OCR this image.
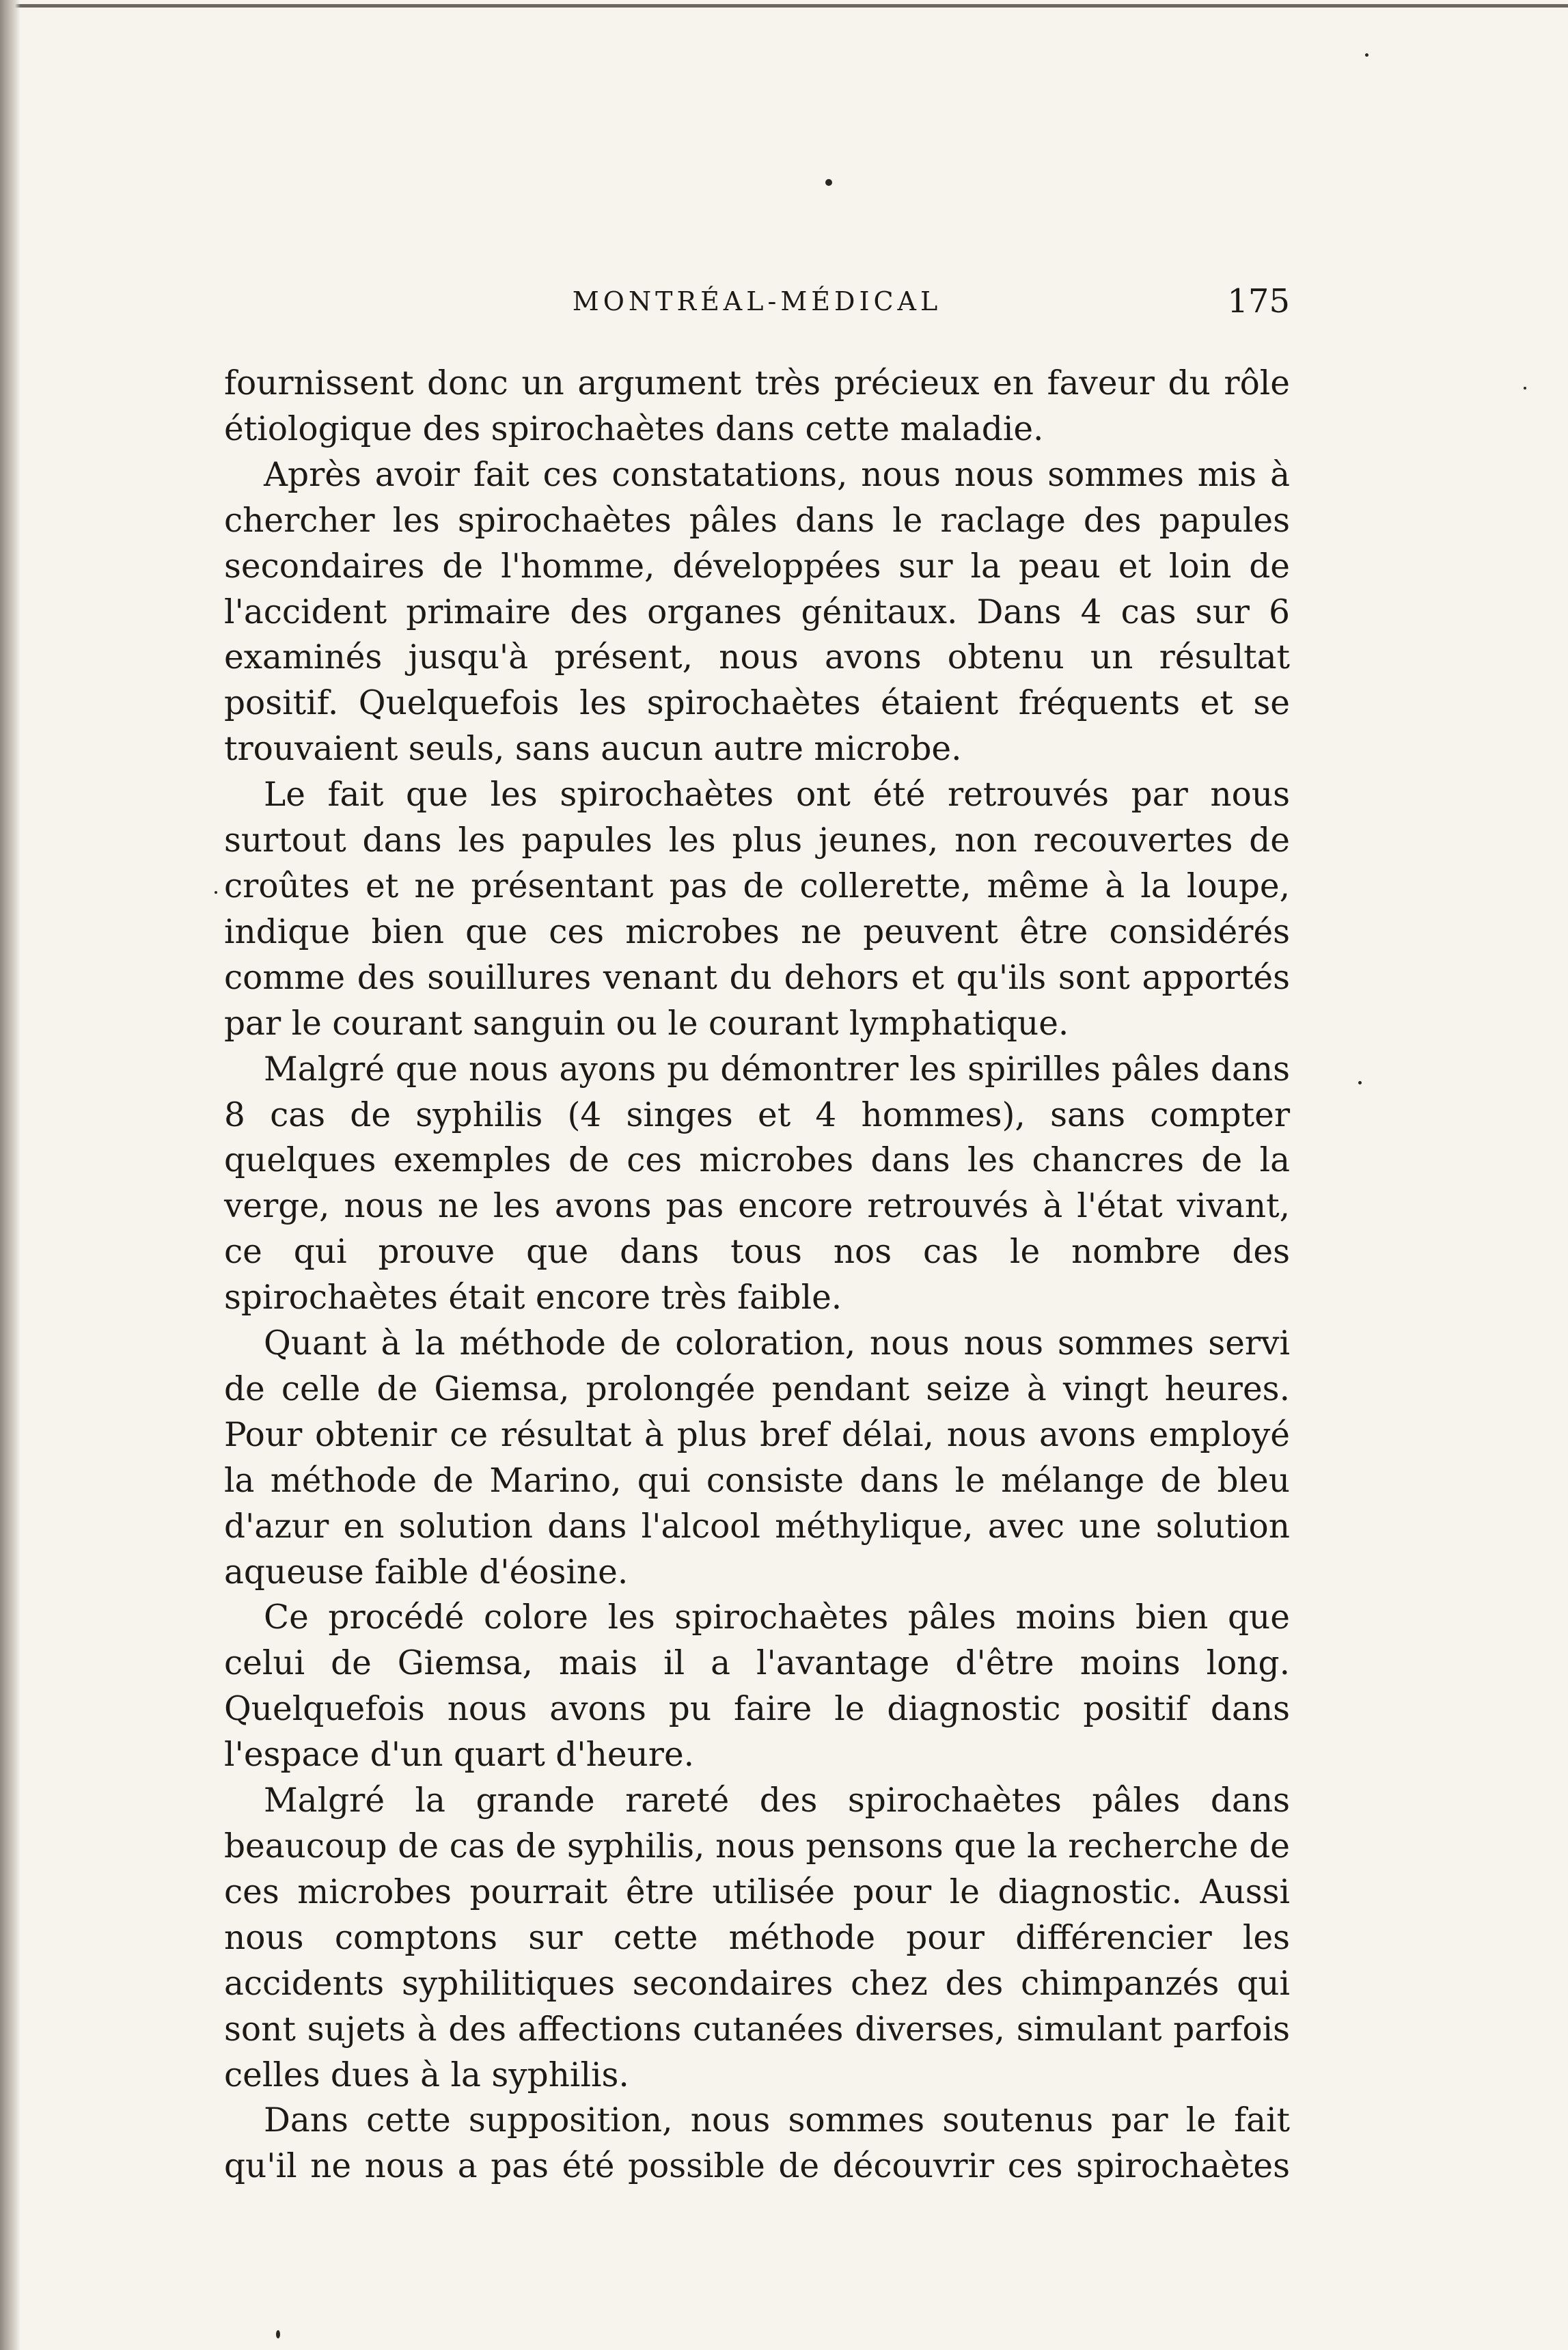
MONTRÉAL-MÉDICAL	175

fournissent donc un argument très précieux en faveur du rôle étiologique des spirochaètes dans cette maladie.

Après avoir fait ces constatations, nous nous sommes mis à chercher les spirochaètes pâles dans le raclage des papules secondaires de l'homme, développées sur la peau et loin de l'accident primaire des organes génitaux. Dans 4 cas sur 6 examinés jusqu'à présent, nous avons obtenu un résultat positif. Quelquefois les spirochaètes étaient fréquents et se trouvaient seuls, sans aucun autre microbe.

Le fait que les spirochaètes ont été retrouvés par nous surtout dans les papules les plus jeunes, non recouvertes de croûtes et ne présentant pas de collerette, même à la loupe, indique bien que ces microbes ne peuvent être considérés comme des souillures venant du dehors et qu'ils sont apportés par le courant sanguin ou le courant lymphatique.

Malgré que nous ayons pu démontrer les spirilles pâles dans 8 cas de syphilis (4 singes et 4 hommes), sans compter quelques exemples de ces microbes dans les chancres de la verge, nous ne les avons pas encore retrouvés à l'état vivant, ce qui prouve que dans tous nos cas le nombre des spirochaètes était encore très faible.

Quant à la méthode de coloration, nous nous sommes servi de celle de Giemsa, prolongée pendant seize à vingt heures. Pour obtenir ce résultat à plus bref délai, nous avons employé la méthode de Marino, qui consiste dans le mélange de bleu d'azur en solution dans l'alcool méthylique, avec une solution aqueuse faible d'éosine.

Ce procédé colore les spirochaètes pâles moins bien que celui de Giemsa, mais il a l'avantage d'être moins long. Quelquefois nous avons pu faire le diagnostic positif dans l'espace d'un quart d'heure.

Malgré la grande rareté des spirochaètes pâles dans beaucoup de cas de syphilis, nous pensons que la recherche de ces microbes pourrait être utilisée pour le diagnostic. Aussi nous comptons sur cette méthode pour différencier les accidents syphilitiques secondaires chez des chimpanzés qui sont sujets à des affections cutanées diverses, simulant parfois celles dues à la syphilis.

Dans cette supposition, nous sommes soutenus par le fait qu'il ne nous a pas été possible de découvrir ces spirochaètes
